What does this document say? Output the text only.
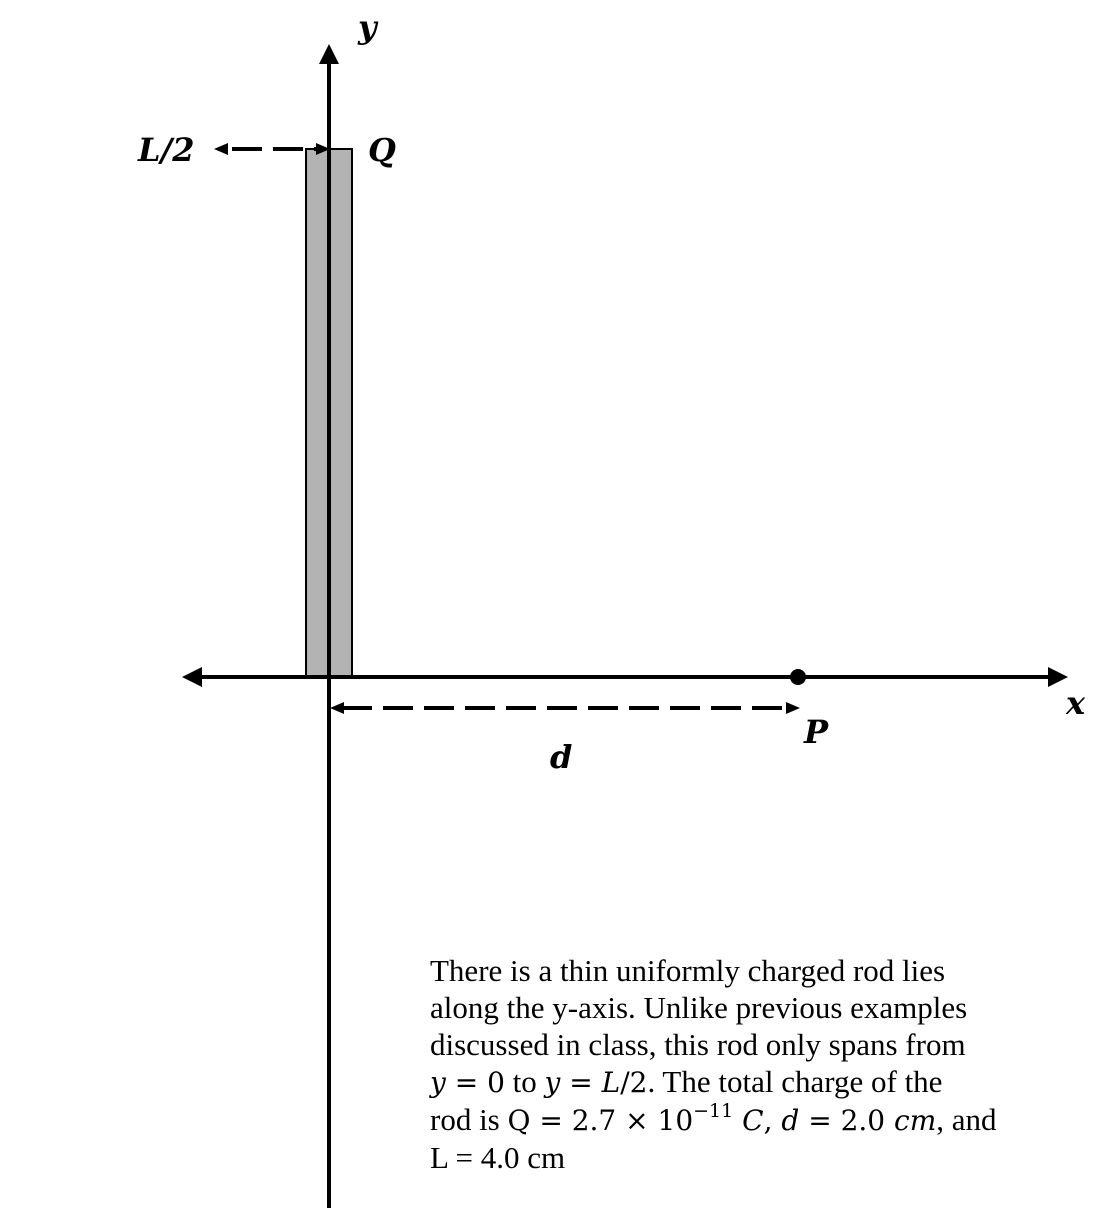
y
x
Q
L/2
d
P
There is a thin uniformly charged rod lies
along the y-axis. Unlike previous examples
discussed in class, this rod only spans from
y = 0 to y = L/2. The total charge of the
rod is $Q = 2.7 \times 10^{-11}$ C, d = 2.0 cm, and
L = 4.0 cm
